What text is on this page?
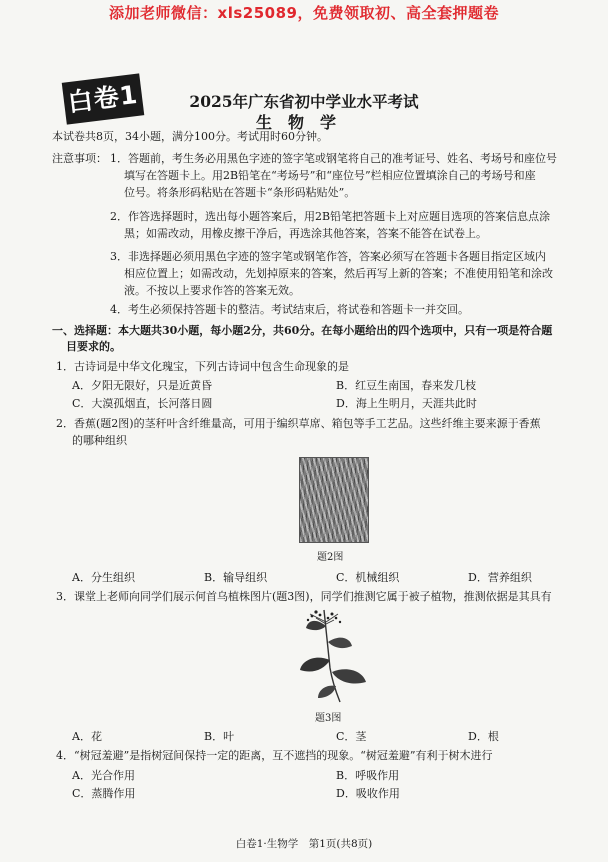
添加老师微信：xls25089，免费领取初、高全套押题卷
白卷1	2025年广东省初中学业水平考试
生物学
本试卷共8页，34小题，满分100分。考试用时60分钟。
注意事项： 1．答题前，考生务必用黑色字迹的签字笔或钢笔将自己的准考证号、姓名、考场号和座位号
填写在答题卡上。用2B铅笔在“考场号”和“座位号”栏相应位置填涂自己的考场号和座
位号。将条形码粘贴在答题卡“条形码粘贴处”。
2．作答选择题时，选出每小题答案后，用2B铅笔把答题卡上对应题目选项的答案信息点涂
黑；如需改动，用橡皮擦干净后，再选涂其他答案，答案不能答在试卷上。
3．非选择题必须用黑色字迹的签字笔或钢笔作答，答案必须写在答题卡各题目指定区域内
相应位置上；如需改动，先划掉原来的答案，然后再写上新的答案；不准使用铅笔和涂改
液。不按以上要求作答的答案无效。
4．考生必须保持答题卡的整洁。考试结束后，将试卷和答题卡一并交回。
一、选择题：本大题共30小题，每小题2分，共60分。在每小题给出的四个选项中，只有一项是符合题
目要求的。
1．古诗词是中华文化瑰宝，下列古诗词中包含生命现象的是
A．夕阳无限好，只是近黄昏	B．红豆生南国，春来发几枝
C．大漠孤烟直，长河落日圆	D．海上生明月，天涯共此时
2．香蕉(题2图)的茎秆叶含纤维量高，可用于编织草席、箱包等手工艺品。这些纤维主要来源于香蕉
的哪种组织
题2图
A．分生组织	B．输导组织	C．机械组织	D．营养组织
3．课堂上老师向同学们展示何首乌植株图片(题3图)，同学们推测它属于被子植物，推测依据是其具有
题3图
A．花	B．叶	C．茎	D．根
4．“树冠羞避”是指树冠间保持一定的距离，互不遮挡的现象。“树冠羞避”有利于树木进行
A．光合作用	B．呼吸作用
C．蒸腾作用	D．吸收作用
白卷1·生物学　第1页(共8页)
